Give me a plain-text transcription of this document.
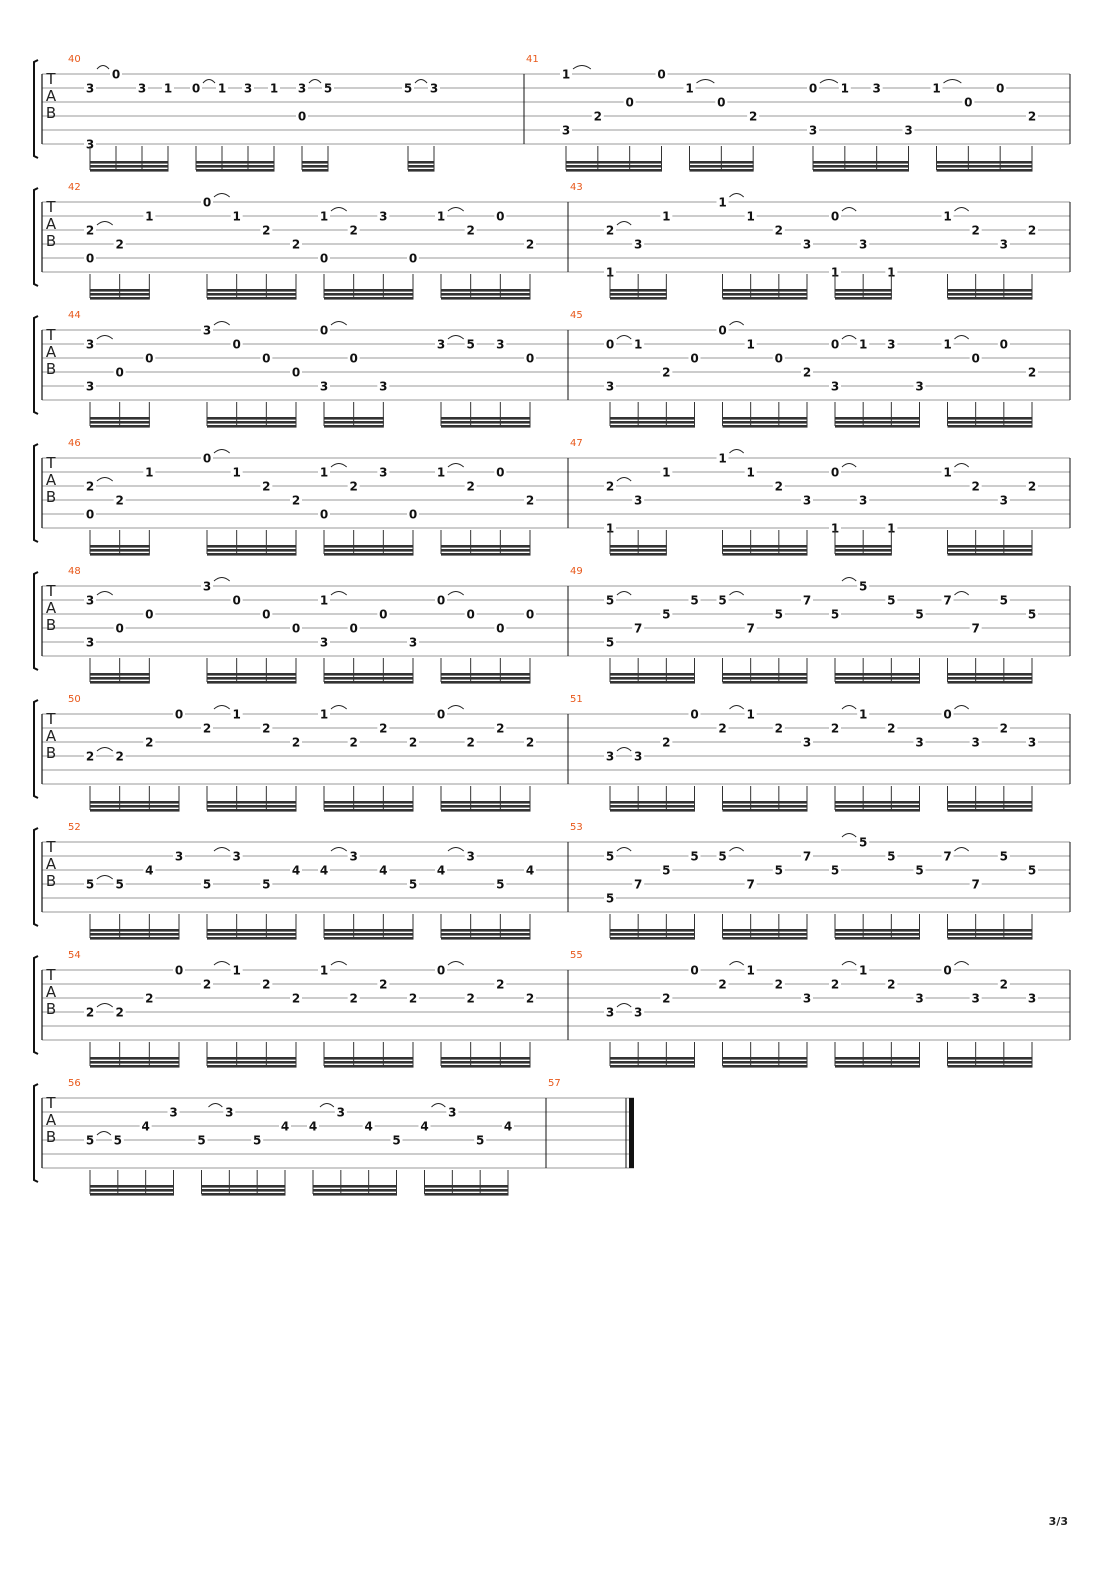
T
A
B
40
3
3
0
3 1 0 1 3 1 3
0
5	5 3
41
1
3
2
0
0
1
0
2
0
3
1 3
3
1
0
0
2
T
A
B
42
2
0
2
1
0
1
2
2
1
0
2
3
0
1
2
0
2
43
2
1
3
1
1
1
2
3
0
1
3
1
1
2
3
2
T
A
B
44
3
3
0
0
3
0
0
0
0
3
0
3
3 5 3
0
45
0
3
1
2
0
0
1
0
2
0
3
1 3
3
1
0
0
2
T
A
B
46
2
0
2
1
0
1
2
2
1
0
2
3
0
1
2
0
2
47
2
1
3
1
1
1
2
3
0
1
3
1
1
2
3
2
T
A
B
48
3
3
0
0
3
0
0
0
1
3
0
0
3
0
0
0
0
49
5
5
7
5
5 5
7
5
7
5
5
5
5
7
7
5
5
T
A
B
50
2 2
2
0
2
1
2
2
1
2
2
2
0
2
2
2
51
3 3
2
0
2
1
2
3
2
1
2
3
0
3
2
3
T
A
B
52
5 5
4
3
5
3
5
4 4
3
4
5
4
3
5
4
53
5
5
7
5
5 5
7
5
7
5
5
5
5
7
7
5
5
T
A
B
54
2 2
2
0
2
1
2
2
1
2
2
2
0
2
2
2
55
3 3
2
0
2
1
2
3
2
1
2
3
0
3
2
3
T
A
B
56
5 5
4
3
5
3
5
4 4
3
4
5
4
3
5
4
57
3/3
